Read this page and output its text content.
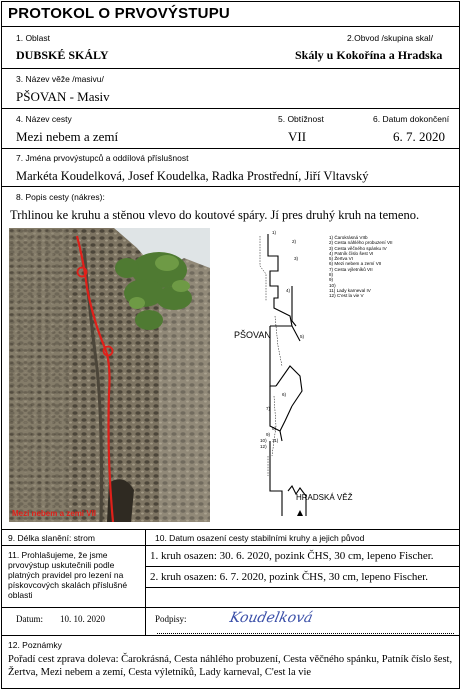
PROTOKOL O PRVOVÝSTUPU
1. Oblast
DUBSKÉ SKÁLY
2.Obvod /skupina skal/
Skály u Kokořína a Hradska
3. Název věže /masivu/
PŠOVAN - Masiv
4. Název cesty
Mezi nebem a zemí
5. Obtížnost
VII
6. Datum dokončení
6. 7. 2020
7. Jména prvovýstupců a oddílová příslušnost
Markéta Koudelková, Josef Koudelka, Radka Prostřední, Jiří Vltavský
8. Popis cesty (nákres):
Trhlinou ke kruhu a stěnou vlevo do koutové spáry. Jí pres druhý kruh na temeno.
Mezi nebem a zemí VII
PŠOVAN
HRADSKÁ VĚŽ
1)
2)
3)
4)
5)
6)
7)
8)
9)
10) 11)
12)
1) Čarokrásná VIIb
2) Cesta náhlého probuzení VII
3) Cesta věčného spánku IV
4) Patník číslo šest VI
5) Žertva VI
6) Mezi nebem a zemí VII
7) Cesta výletníků VII
8)
9)
10)
11) Lady karneval IV
12) C'est la vie V
9. Délka slanění: strom	10. Datum osazení cesty stabilními kruhy a jejich původ
11. Prohlašujeme, že jsme prvovýstup uskutečnili podle platných pravidel pro lezení na pískovcových skalách příslušné oblasti
1. kruh osazen: 30. 6. 2020, pozink ČHS, 30 cm, lepeno Fischer.
2. kruh osazen: 6. 7. 2020, pozink ČHS, 30 cm, lepeno Fischer.
Datum: 10. 10. 2020	Podpisy:	Koudelková
12. Poznámky
Pořadí cest zprava doleva: Čarokrásná, Cesta náhlého probuzení, Cesta věčného spánku, Patník číslo šest, Žertva, Mezi nebem a zemí, Cesta výletníků, Lady karneval, C'est la vie
